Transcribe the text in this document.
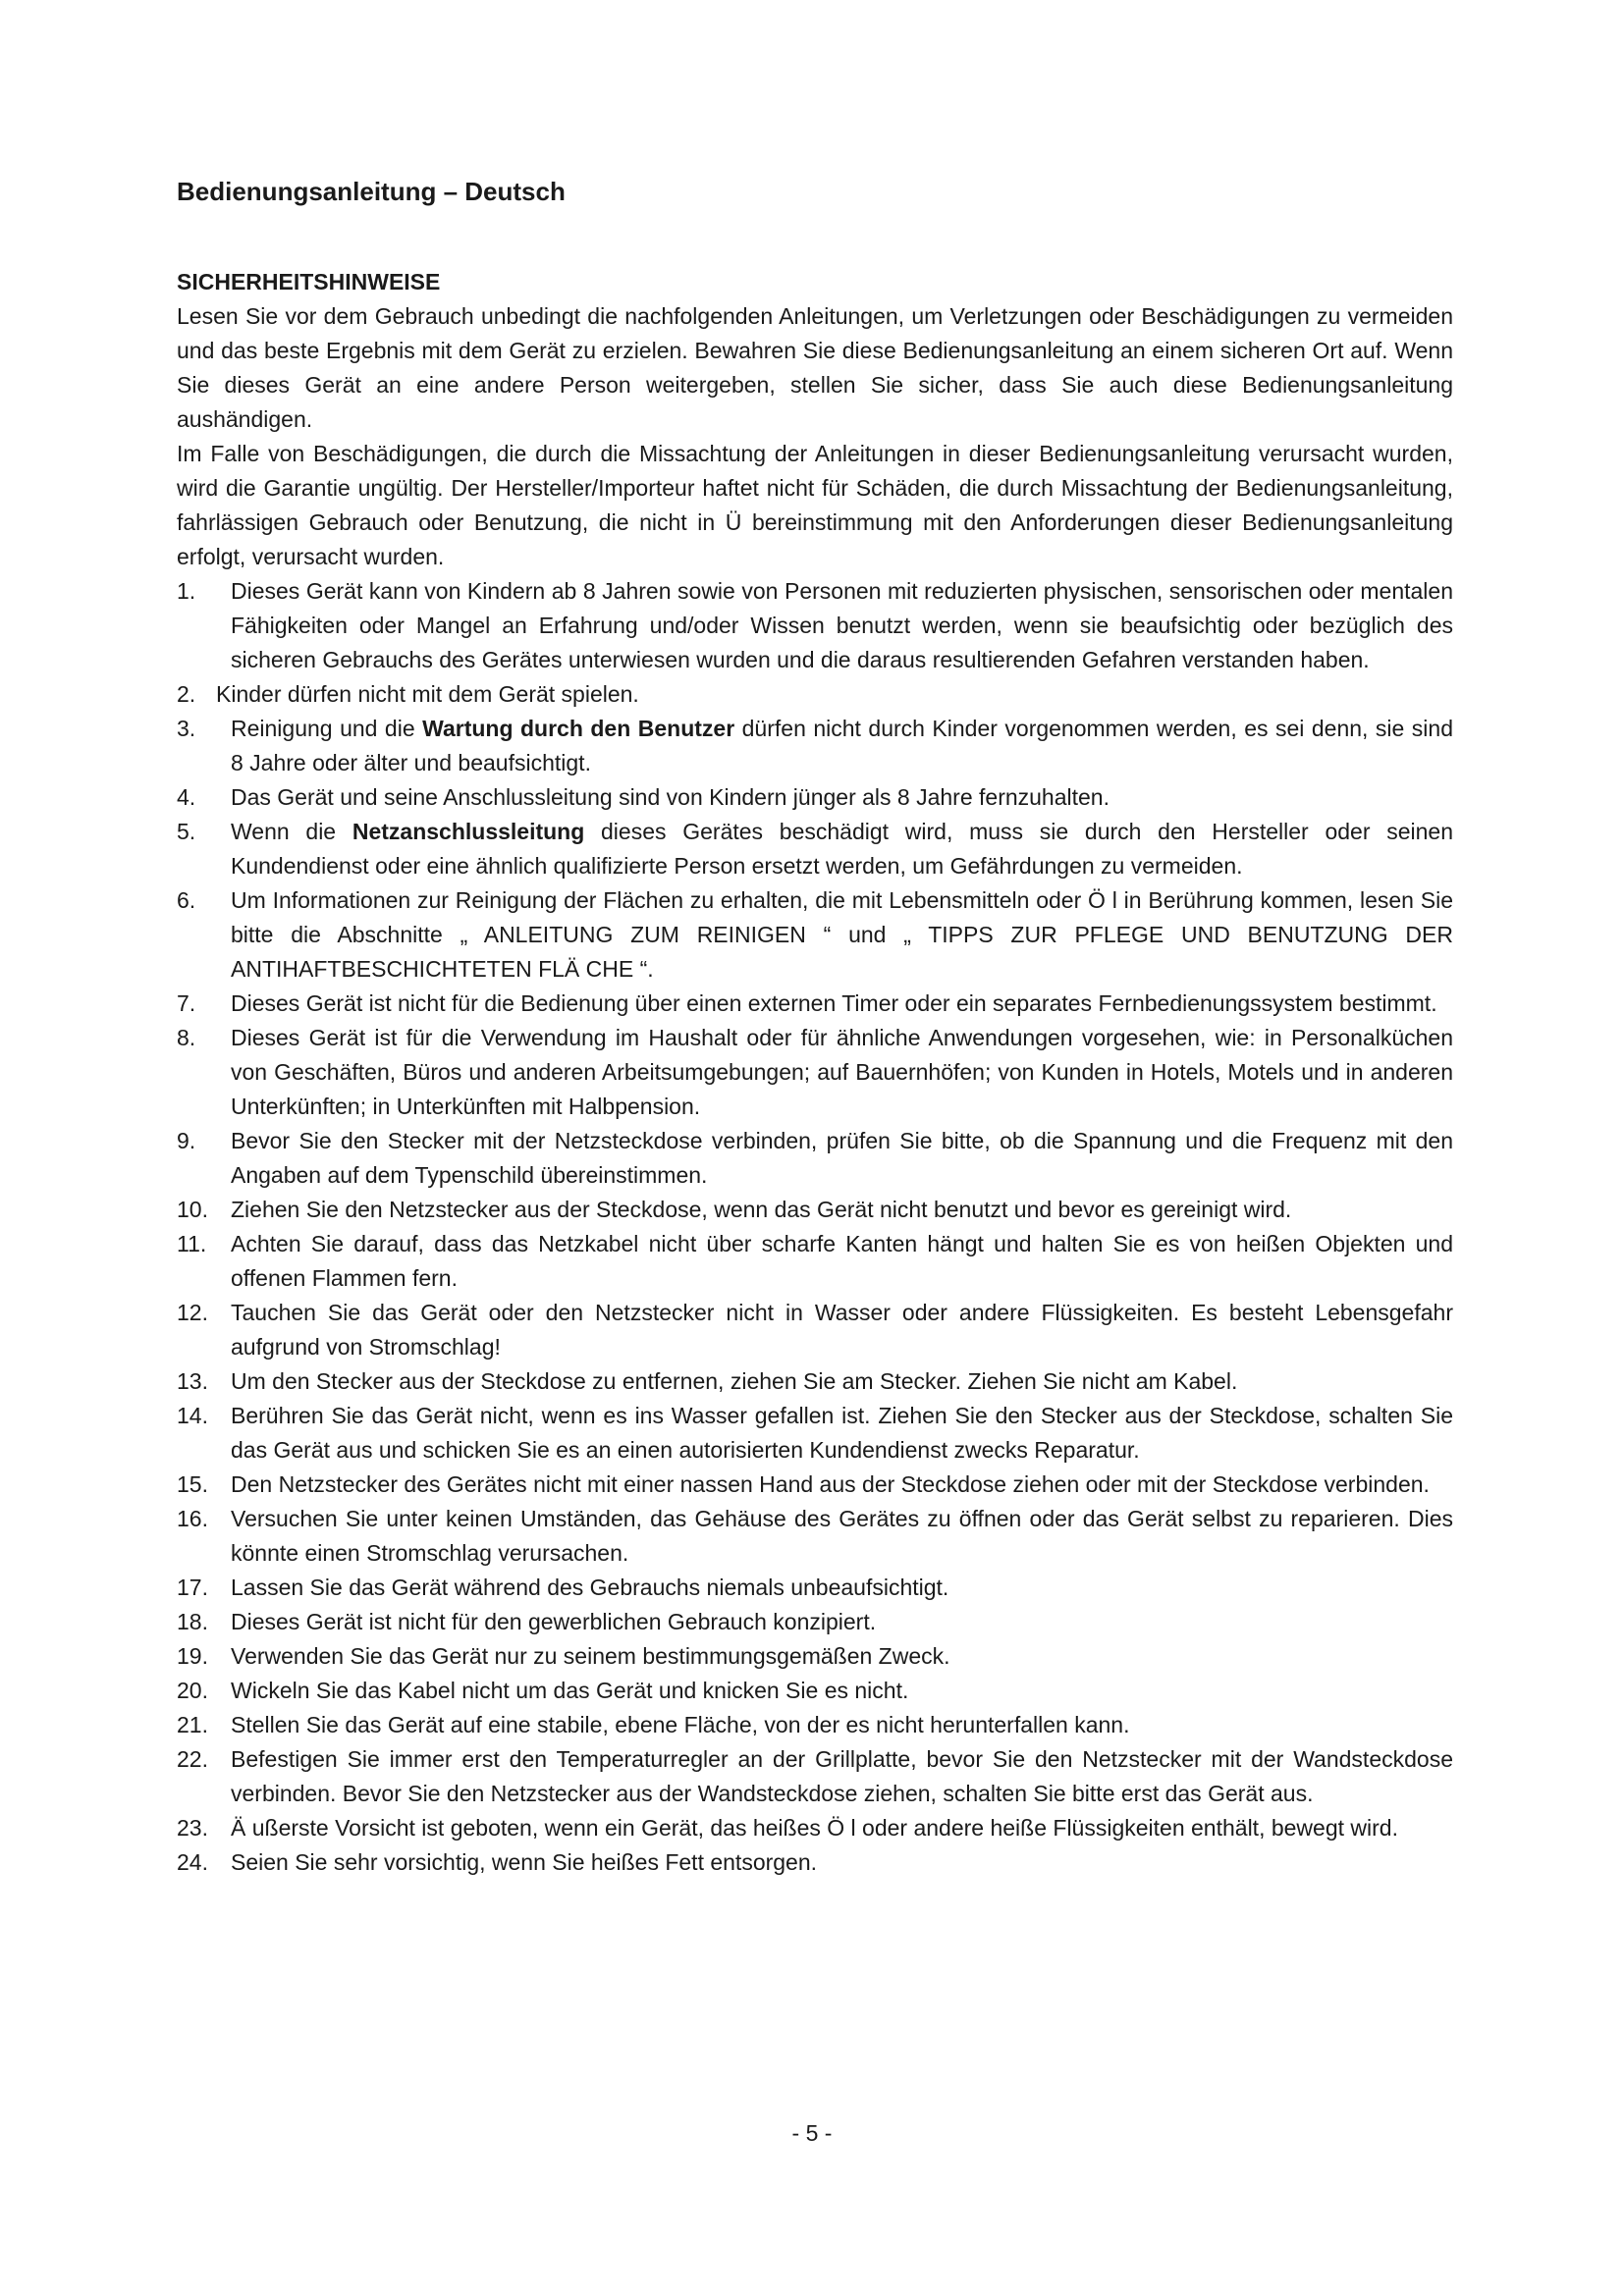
Bedienungsanleitung – Deutsch

SICHERHEITSHINWEISE

Lesen Sie vor dem Gebrauch unbedingt die nachfolgenden Anleitungen, um Verletzungen oder Beschädigungen zu vermeiden und das beste Ergebnis mit dem Gerät zu erzielen. Bewahren Sie diese Bedienungsanleitung an einem sicheren Ort auf. Wenn Sie dieses Gerät an eine andere Person weitergeben, stellen Sie sicher, dass Sie auch diese Bedienungsanleitung aushändigen.

Im Falle von Beschädigungen, die durch die Missachtung der Anleitungen in dieser Bedienungsanleitung verursacht wurden, wird die Garantie ungültig. Der Hersteller/Importeur haftet nicht für Schäden, die durch Missachtung der Bedienungsanleitung, fahrlässigen Gebrauch oder Benutzung, die nicht in Ü bereinstimmung mit den Anforderungen dieser Bedienungsanleitung erfolgt, verursacht wurden.

1. Dieses Gerät kann von Kindern ab 8 Jahren sowie von Personen mit reduzierten physischen, sensorischen oder mentalen Fähigkeiten oder Mangel an Erfahrung und/oder Wissen benutzt werden, wenn sie beaufsichtig oder bezüglich des sicheren Gebrauchs des Gerätes unterwiesen wurden und die daraus resultierenden Gefahren verstanden haben.
2. Kinder dürfen nicht mit dem Gerät spielen.
3. Reinigung und die Wartung durch den Benutzer dürfen nicht durch Kinder vorgenommen werden, es sei denn, sie sind 8 Jahre oder älter und beaufsichtigt.
4. Das Gerät und seine Anschlussleitung sind von Kindern jünger als 8 Jahre fernzuhalten.
5. Wenn die Netzanschlussleitung dieses Gerätes beschädigt wird, muss sie durch den Hersteller oder seinen Kundendienst oder eine ähnlich qualifizierte Person ersetzt werden, um Gefährdungen zu vermeiden.
6. Um Informationen zur Reinigung der Flächen zu erhalten, die mit Lebensmitteln oder Ö l in Berührung kommen, lesen Sie bitte die Abschnitte „ ANLEITUNG ZUM REINIGEN “ und „ TIPPS ZUR PFLEGE UND BENUTZUNG DER ANTIHAFTBESCHICHTETEN FLÄ CHE “.
7. Dieses Gerät ist nicht für die Bedienung über einen externen Timer oder ein separates Fernbedienungssystem bestimmt.
8. Dieses Gerät ist für die Verwendung im Haushalt oder für ähnliche Anwendungen vorgesehen, wie: in Personalküchen von Geschäften, Büros und anderen Arbeitsumgebungen; auf Bauernhöfen; von Kunden in Hotels, Motels und in anderen Unterkünften; in Unterkünften mit Halbpension.
9. Bevor Sie den Stecker mit der Netzsteckdose verbinden, prüfen Sie bitte, ob die Spannung und die Frequenz mit den Angaben auf dem Typenschild übereinstimmen.
10. Ziehen Sie den Netzstecker aus der Steckdose, wenn das Gerät nicht benutzt und bevor es gereinigt wird.
11. Achten Sie darauf, dass das Netzkabel nicht über scharfe Kanten hängt und halten Sie es von heißen Objekten und offenen Flammen fern.
12. Tauchen Sie das Gerät oder den Netzstecker nicht in Wasser oder andere Flüssigkeiten. Es besteht Lebensgefahr aufgrund von Stromschlag!
13. Um den Stecker aus der Steckdose zu entfernen, ziehen Sie am Stecker. Ziehen Sie nicht am Kabel.
14. Berühren Sie das Gerät nicht, wenn es ins Wasser gefallen ist. Ziehen Sie den Stecker aus der Steckdose, schalten Sie das Gerät aus und schicken Sie es an einen autorisierten Kundendienst zwecks Reparatur.
15. Den Netzstecker des Gerätes nicht mit einer nassen Hand aus der Steckdose ziehen oder mit der Steckdose verbinden.
16. Versuchen Sie unter keinen Umständen, das Gehäuse des Gerätes zu öffnen oder das Gerät selbst zu reparieren. Dies könnte einen Stromschlag verursachen.
17. Lassen Sie das Gerät während des Gebrauchs niemals unbeaufsichtigt.
18. Dieses Gerät ist nicht für den gewerblichen Gebrauch konzipiert.
19. Verwenden Sie das Gerät nur zu seinem bestimmungsgemäßen Zweck.
20. Wickeln Sie das Kabel nicht um das Gerät und knicken Sie es nicht.
21. Stellen Sie das Gerät auf eine stabile, ebene Fläche, von der es nicht herunterfallen kann.
22. Befestigen Sie immer erst den Temperaturregler an der Grillplatte, bevor Sie den Netzstecker mit der Wandsteckdose verbinden. Bevor Sie den Netzstecker aus der Wandsteckdose ziehen, schalten Sie bitte erst das Gerät aus.
23. Ä ußerste Vorsicht ist geboten, wenn ein Gerät, das heißes Ö l oder andere heiße Flüssigkeiten enthält, bewegt wird.
24. Seien Sie sehr vorsichtig, wenn Sie heißes Fett entsorgen.
- 5 -
